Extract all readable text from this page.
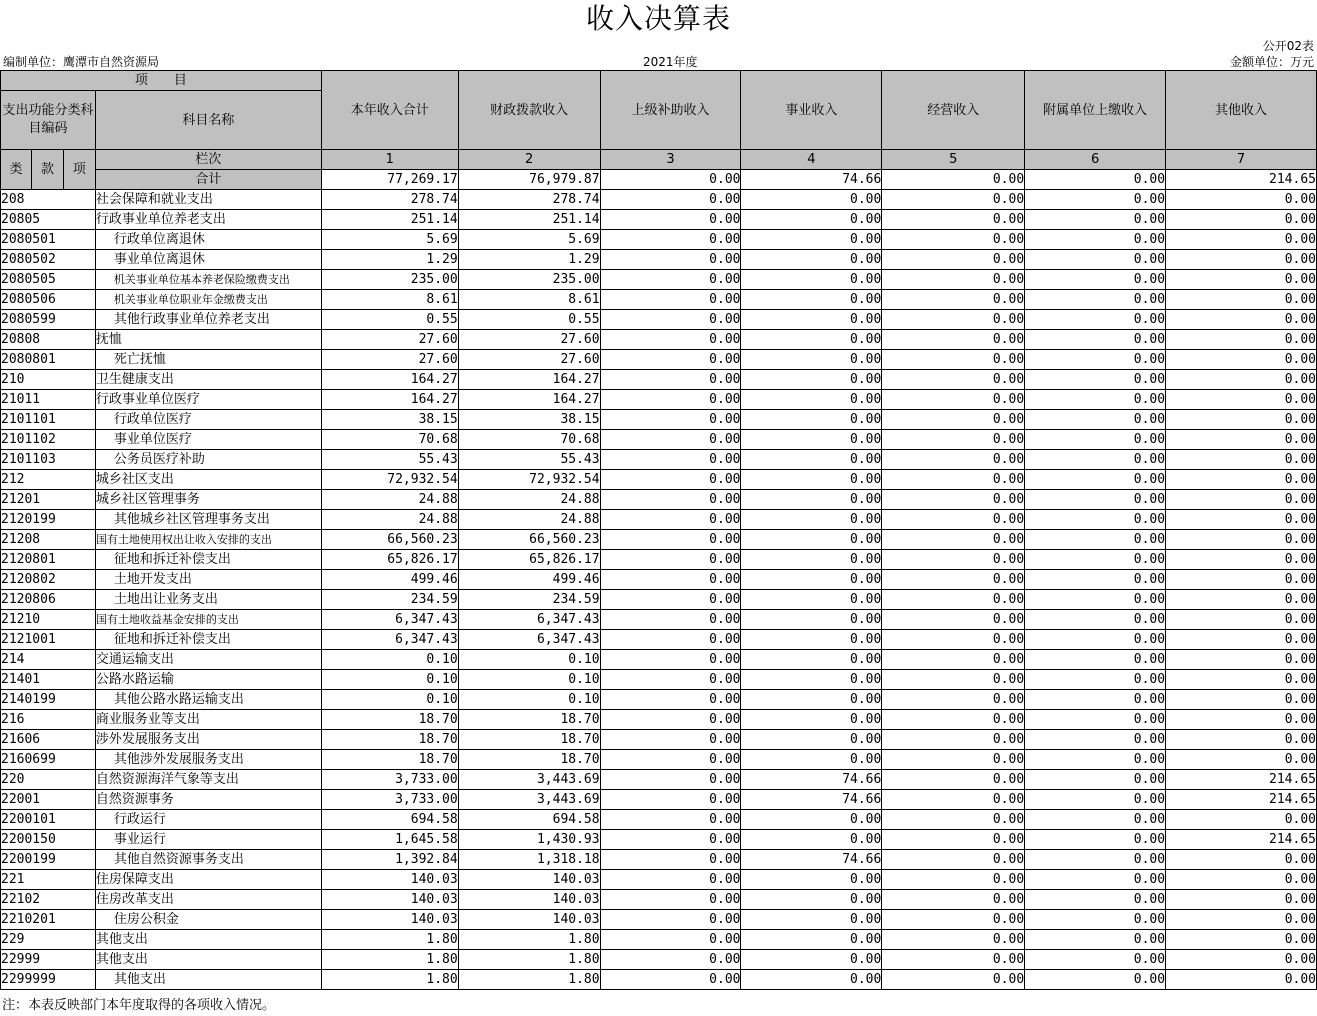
收入决算表
公开02表
编制单位：鹰潭市自然资源局	2021年度	金额单位：万元
项　　目				本年收入合计	财政拨款收入	上级补助收入	事业收入	经营收入	附属单位上缴收入	其他收入
支出功能分类科目编码			科目名称							

类	款	项	栏次	1	2	3	4	5	6	7
			合计	77,269.17	76,979.87	0.00	74.66	0.00	0.00	214.65
208			社会保障和就业支出	278.74	278.74	0.00	0.00	0.00	0.00	0.00
20805			行政事业单位养老支出	251.14	251.14	0.00	0.00	0.00	0.00	0.00
2080501			行政单位离退休	5.69	5.69	0.00	0.00	0.00	0.00	0.00
2080502			事业单位离退休	1.29	1.29	0.00	0.00	0.00	0.00	0.00
2080505			机关事业单位基本养老保险缴费支出	235.00	235.00	0.00	0.00	0.00	0.00	0.00
2080506			机关事业单位职业年金缴费支出	8.61	8.61	0.00	0.00	0.00	0.00	0.00
2080599			其他行政事业单位养老支出	0.55	0.55	0.00	0.00	0.00	0.00	0.00
20808			抚恤	27.60	27.60	0.00	0.00	0.00	0.00	0.00
2080801			死亡抚恤	27.60	27.60	0.00	0.00	0.00	0.00	0.00
210			卫生健康支出	164.27	164.27	0.00	0.00	0.00	0.00	0.00
21011			行政事业单位医疗	164.27	164.27	0.00	0.00	0.00	0.00	0.00
2101101			行政单位医疗	38.15	38.15	0.00	0.00	0.00	0.00	0.00
2101102			事业单位医疗	70.68	70.68	0.00	0.00	0.00	0.00	0.00
2101103			公务员医疗补助	55.43	55.43	0.00	0.00	0.00	0.00	0.00
212			城乡社区支出	72,932.54	72,932.54	0.00	0.00	0.00	0.00	0.00
21201			城乡社区管理事务	24.88	24.88	0.00	0.00	0.00	0.00	0.00
2120199			其他城乡社区管理事务支出	24.88	24.88	0.00	0.00	0.00	0.00	0.00
21208			国有土地使用权出让收入安排的支出	66,560.23	66,560.23	0.00	0.00	0.00	0.00	0.00
2120801			征地和拆迁补偿支出	65,826.17	65,826.17	0.00	0.00	0.00	0.00	0.00
2120802			土地开发支出	499.46	499.46	0.00	0.00	0.00	0.00	0.00
2120806			土地出让业务支出	234.59	234.59	0.00	0.00	0.00	0.00	0.00
21210			国有土地收益基金安排的支出	6,347.43	6,347.43	0.00	0.00	0.00	0.00	0.00
2121001			征地和拆迁补偿支出	6,347.43	6,347.43	0.00	0.00	0.00	0.00	0.00
214			交通运输支出	0.10	0.10	0.00	0.00	0.00	0.00	0.00
21401			公路水路运输	0.10	0.10	0.00	0.00	0.00	0.00	0.00
2140199			其他公路水路运输支出	0.10	0.10	0.00	0.00	0.00	0.00	0.00
216			商业服务业等支出	18.70	18.70	0.00	0.00	0.00	0.00	0.00
21606			涉外发展服务支出	18.70	18.70	0.00	0.00	0.00	0.00	0.00
2160699			其他涉外发展服务支出	18.70	18.70	0.00	0.00	0.00	0.00	0.00
220			自然资源海洋气象等支出	3,733.00	3,443.69	0.00	74.66	0.00	0.00	214.65
22001			自然资源事务	3,733.00	3,443.69	0.00	74.66	0.00	0.00	214.65
2200101			行政运行	694.58	694.58	0.00	0.00	0.00	0.00	0.00
2200150			事业运行	1,645.58	1,430.93	0.00	0.00	0.00	0.00	214.65
2200199			其他自然资源事务支出	1,392.84	1,318.18	0.00	74.66	0.00	0.00	0.00
221			住房保障支出	140.03	140.03	0.00	0.00	0.00	0.00	0.00
22102			住房改革支出	140.03	140.03	0.00	0.00	0.00	0.00	0.00
2210201			住房公积金	140.03	140.03	0.00	0.00	0.00	0.00	0.00
229			其他支出	1.80	1.80	0.00	0.00	0.00	0.00	0.00
22999			其他支出	1.80	1.80	0.00	0.00	0.00	0.00	0.00
2299999			其他支出	1.80	1.80	0.00	0.00	0.00	0.00	0.00
注：本表反映部门本年度取得的各项收入情况。
